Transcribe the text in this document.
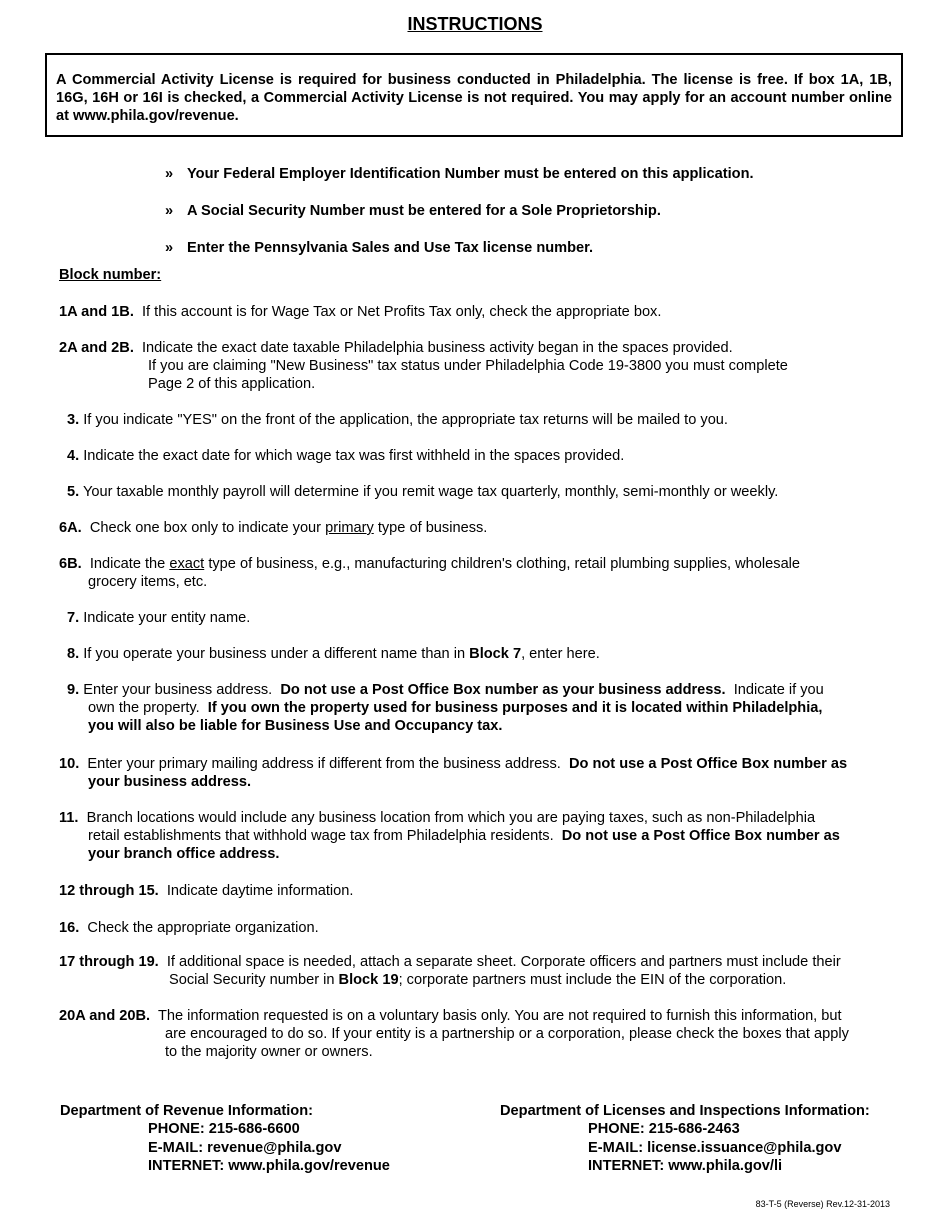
INSTRUCTIONS
A Commercial Activity License is required for business conducted in Philadelphia. The license is free. If box 1A, 1B, 16G, 16H or 16I is checked, a Commercial Activity License is not required. You may apply for an account number online at www.phila.gov/revenue.
» Your Federal Employer Identification Number must be entered on this application.
» A Social Security Number must be entered for a Sole Proprietorship.
» Enter the Pennsylvania Sales and Use Tax license number.
Block number:
1A and 1B. If this account is for Wage Tax or Net Profits Tax only, check the appropriate box.
2A and 2B. Indicate the exact date taxable Philadelphia business activity began in the spaces provided.
If you are claiming "New Business" tax status under Philadelphia Code 19-3800 you must complete
Page 2 of this application.
3. If you indicate "YES" on the front of the application, the appropriate tax returns will be mailed to you.
4. Indicate the exact date for which wage tax was first withheld in the spaces provided.
5. Your taxable monthly payroll will determine if you remit wage tax quarterly, monthly, semi-monthly or weekly.
6A. Check one box only to indicate your primary type of business.
6B. Indicate the exact type of business, e.g., manufacturing children's clothing, retail plumbing supplies, wholesale
grocery items, etc.
7. Indicate your entity name.
8. If you operate your business under a different name than in Block 7, enter here.
9. Enter your business address. Do not use a Post Office Box number as your business address. Indicate if you
own the property. If you own the property used for business purposes and it is located within Philadelphia,
you will also be liable for Business Use and Occupancy tax.
10. Enter your primary mailing address if different from the business address. Do not use a Post Office Box number as
your business address.
11. Branch locations would include any business location from which you are paying taxes, such as non-Philadelphia
retail establishments that withhold wage tax from Philadelphia residents. Do not use a Post Office Box number as
your branch office address.
12 through 15. Indicate daytime information.
16. Check the appropriate organization.
17 through 19. If additional space is needed, attach a separate sheet. Corporate officers and partners must include their
Social Security number in Block 19; corporate partners must include the EIN of the corporation.
20A and 20B. The information requested is on a voluntary basis only. You are not required to furnish this information, but
are encouraged to do so. If your entity is a partnership or a corporation, please check the boxes that apply
to the majority owner or owners.
Department of Revenue Information:
PHONE: 215-686-6600
E-MAIL: revenue@phila.gov
INTERNET: www.phila.gov/revenue
Department of Licenses and Inspections Information:
PHONE: 215-686-2463
E-MAIL: license.issuance@phila.gov
INTERNET: www.phila.gov/li
83-T-5 (Reverse) Rev.12-31-2013
